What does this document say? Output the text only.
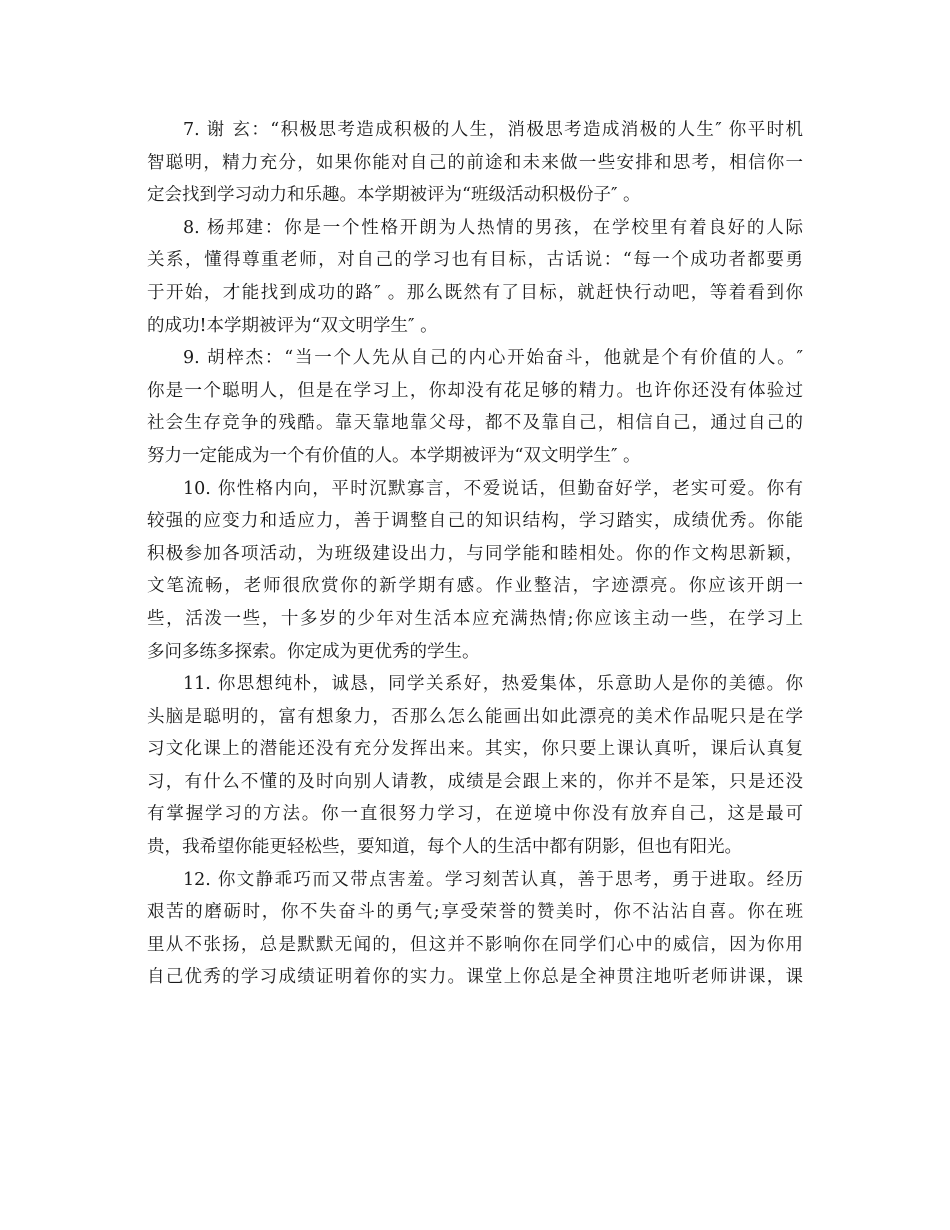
7. 谢 玄：“积极思考造成积极的人生，消极思考造成消极的人生″ 你平时机
智聪明，精力充分，如果你能对自己的前途和未来做一些安排和思考，相信你一
定会找到学习动力和乐趣。本学期被评为“班级活动积极份子″ 。
8. 杨邦建：你是一个性格开朗为人热情的男孩，在学校里有着良好的人际
关系，懂得尊重老师，对自己的学习也有目标，古话说：“每一个成功者都要勇
于开始，才能找到成功的路″ 。那么既然有了目标，就赶快行动吧，等着看到你
的成功!本学期被评为“双文明学生″ 。
9. 胡梓杰：“当一个人先从自己的内心开始奋斗，他就是个有价值的人。″
你是一个聪明人，但是在学习上，你却没有花足够的精力。也许你还没有体验过
社会生存竞争的残酷。靠天靠地靠父母，都不及靠自己，相信自己，通过自己的
努力一定能成为一个有价值的人。本学期被评为“双文明学生″ 。
10. 你性格内向，平时沉默寡言，不爱说话，但勤奋好学，老实可爱。你有
较强的应变力和适应力，善于调整自己的知识结构，学习踏实，成绩优秀。你能
积极参加各项活动，为班级建设出力，与同学能和睦相处。你的作文构思新颖，
文笔流畅，老师很欣赏你的新学期有感。作业整洁，字迹漂亮。你应该开朗一
些，活泼一些，十多岁的少年对生活本应充满热情;你应该主动一些，在学习上
多问多练多探索。你定成为更优秀的学生。
11. 你思想纯朴，诚恳，同学关系好，热爱集体，乐意助人是你的美德。你
头脑是聪明的，富有想象力，否那么怎么能画出如此漂亮的美术作品呢只是在学
习文化课上的潜能还没有充分发挥出来。其实，你只要上课认真听，课后认真复
习，有什么不懂的及时向别人请教，成绩是会跟上来的，你并不是笨，只是还没
有掌握学习的方法。你一直很努力学习，在逆境中你没有放弃自己，这是最可
贵，我希望你能更轻松些，要知道，每个人的生活中都有阴影，但也有阳光。
12. 你文静乖巧而又带点害羞。学习刻苦认真，善于思考，勇于进取。经历
艰苦的磨砺时，你不失奋斗的勇气;享受荣誉的赞美时，你不沾沾自喜。你在班
里从不张扬，总是默默无闻的，但这并不影响你在同学们心中的威信，因为你用
自己优秀的学习成绩证明着你的实力。课堂上你总是全神贯注地听老师讲课，课
